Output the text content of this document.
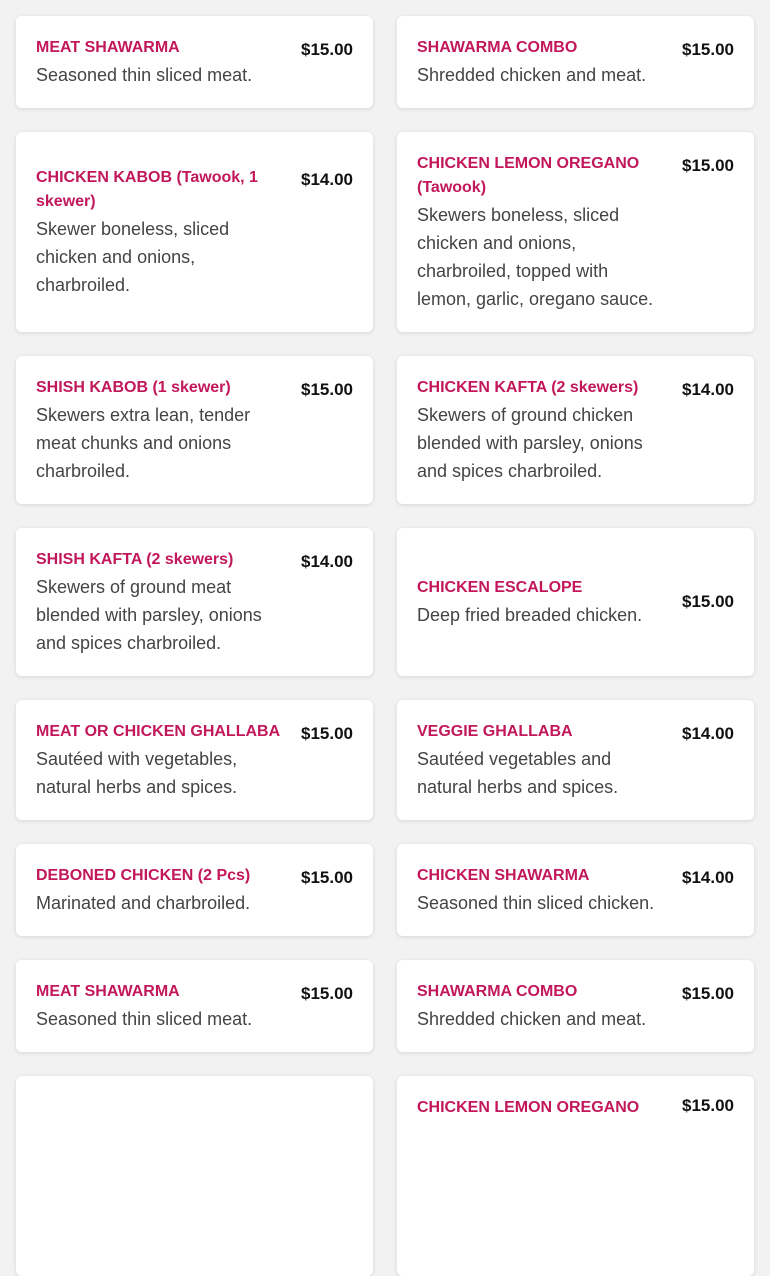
MEAT SHAWARMA
Seasoned thin sliced meat.
$15.00	SHAWARMA COMBO
Shredded chicken and meat.
$15.00
CHICKEN KABOB (Tawook, 1 skewer)
Skewer boneless, sliced chicken and onions, charbroiled.
$14.00
CHICKEN LEMON OREGANO (Tawook)
Skewers boneless, sliced chicken and onions, charbroiled, topped with lemon, garlic, oregano sauce.
$15.00
SHISH KABOB (1 skewer)
Skewers extra lean, tender meat chunks and onions charbroiled.
$15.00	CHICKEN KAFTA (2 skewers)
Skewers of ground chicken blended with parsley, onions and spices charbroiled.
$14.00
SHISH KAFTA (2 skewers)
Skewers of ground meat blended with parsley, onions and spices charbroiled.
$14.00
CHICKEN ESCALOPE
Deep fried breaded chicken.
$15.00
MEAT OR CHICKEN GHALLABA
Sautéed with vegetables, natural herbs and spices.
$15.00	VEGGIE GHALLABA
Sautéed vegetables and natural herbs and spices.
$14.00
DEBONED CHICKEN (2 Pcs)
Marinated and charbroiled.
$15.00	CHICKEN SHAWARMA
Seasoned thin sliced chicken.
$14.00
MEAT SHAWARMA
Seasoned thin sliced meat.
$15.00	SHAWARMA COMBO
Shredded chicken and meat.
$15.00
CHICKEN LEMON OREGANO	$15.00
